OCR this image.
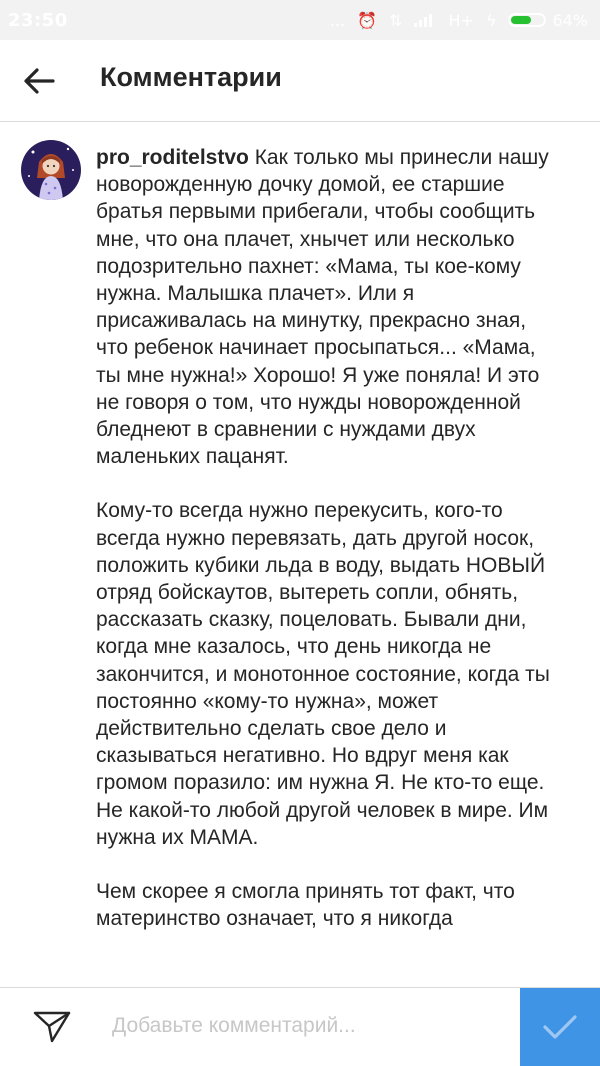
23:50	... ⏰ ⇅	H+ ϟ	64%
Комментарии

pro_roditelstvo Как только мы принесли нашу новорожденную дочку домой, ее старшие братья первыми прибегали, чтобы сообщить мне, что она плачет, хнычет или несколько подозрительно пахнет: «Мама, ты кое-кому нужна. Малышка плачет». Или я присаживалась на минутку, прекрасно зная, что ребенок начинает просыпаться... «Мама, ты мне нужна!» Хорошо! Я уже поняла! И это не говоря о том, что нужды новорожденной бледнеют в сравнении с нуждами двух маленьких пацанят.

Кому-то всегда нужно перекусить, кого-то всегда нужно перевязать, дать другой носок, положить кубики льда в воду, выдать НОВЫЙ отряд бойскаутов, вытереть сопли, обнять, рассказать сказку, поцеловать. Бывали дни, когда мне казалось, что день никогда не закончится, и монотонное состояние, когда ты постоянно «кому-то нужна», может действительно сделать свое дело и сказываться негативно. Но вдруг меня как громом поразило: им нужна Я. Не кто-то еще. Не какой-то любой другой человек в мире. Им нужна их МАМА.

Чем скорее я смогла принять тот факт, что материнство означает, что я никогда

Добавьте комментарий...
